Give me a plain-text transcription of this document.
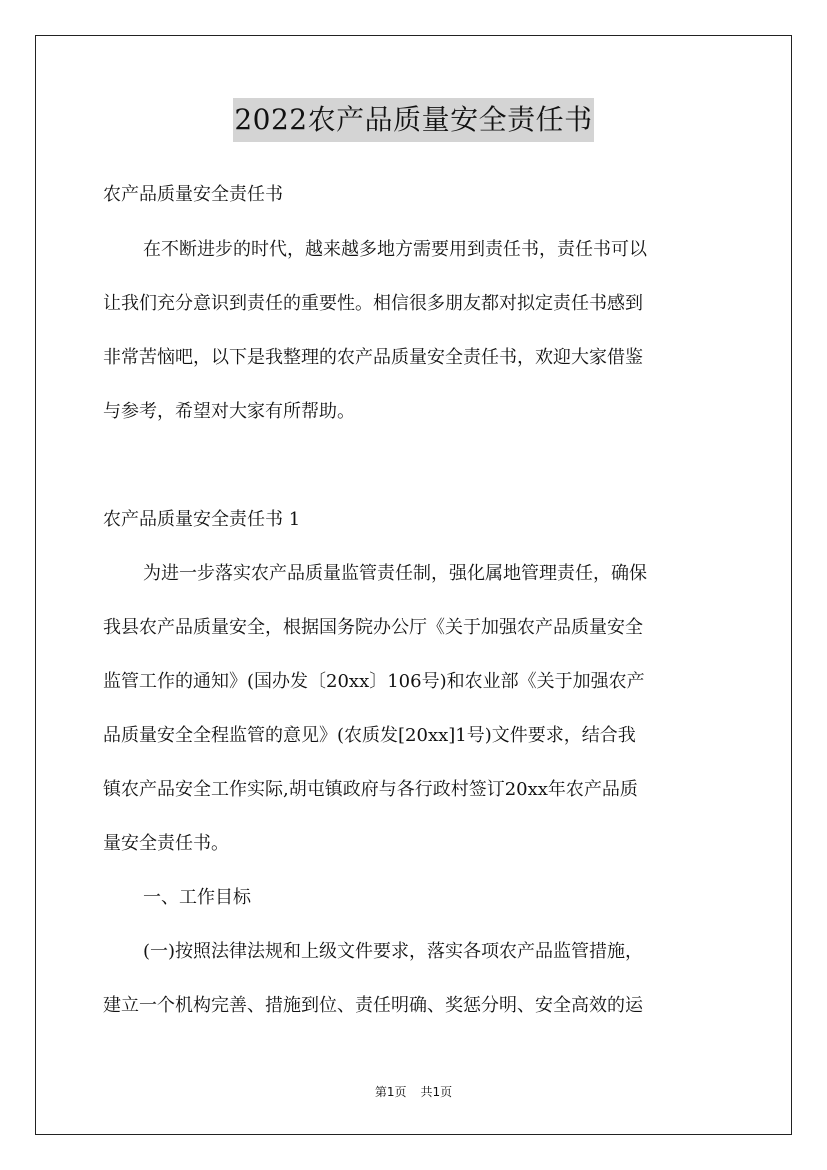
2022农产品质量安全责任书
农产品质量安全责任书
在不断进步的时代，越来越多地方需要用到责任书，责任书可以
让我们充分意识到责任的重要性。相信很多朋友都对拟定责任书感到
非常苦恼吧，以下是我整理的农产品质量安全责任书，欢迎大家借鉴
与参考，希望对大家有所帮助。
农产品质量安全责任书 1
为进一步落实农产品质量监管责任制，强化属地管理责任，确保
我县农产品质量安全，根据国务院办公厅《关于加强农产品质量安全
监管工作的通知》(国办发〔20xx〕106号)和农业部《关于加强农产
品质量安全全程监管的意见》(农质发[20xx]1号)文件要求，结合我
镇农产品安全工作实际,胡屯镇政府与各行政村签订20xx年农产品质
量安全责任书。
一、工作目标
(一)按照法律法规和上级文件要求，落实各项农产品监管措施，
建立一个机构完善、措施到位、责任明确、奖惩分明、安全高效的运
第1页 共1页
